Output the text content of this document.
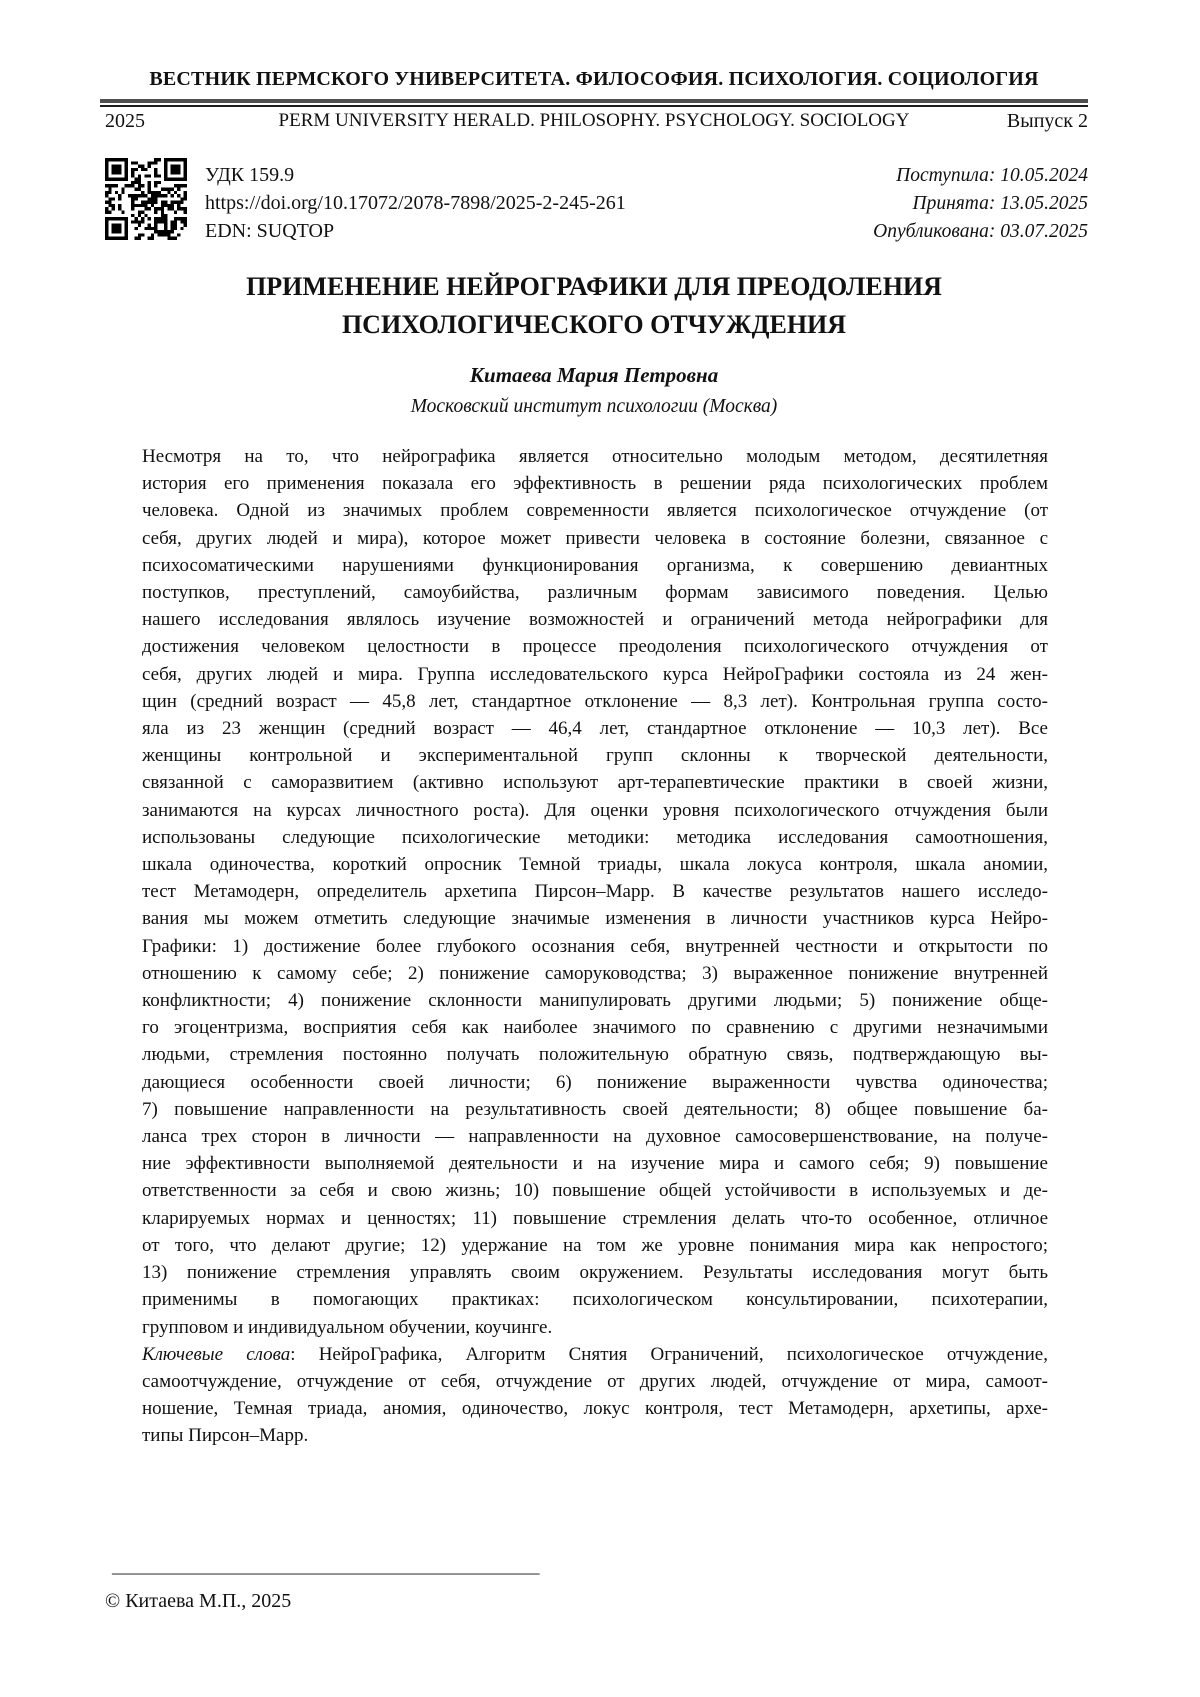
ВЕСТНИК ПЕРМСКОГО УНИВЕРСИТЕТА. ФИЛОСОФИЯ. ПСИХОЛОГИЯ. СОЦИОЛОГИЯ
2025	PERM UNIVERSITY HERALD. PHILOSOPHY. PSYCHOLOGY. SOCIOLOGY	Выпуск 2
УДК 159.9
https://doi.org/10.17072/2078-7898/2025-2-245-261
EDN: SUQTOP
Поступила: 10.05.2024
Принята: 13.05.2025
Опубликована: 03.07.2025
ПРИМЕНЕНИЕ НЕЙРОГРАФИКИ ДЛЯ ПРЕОДОЛЕНИЯ
ПСИХОЛОГИЧЕСКОГО ОТЧУЖДЕНИЯ
Китаева Мария Петровна
Московский институт психологии (Москва)
Несмотря на то, что нейрографика является относительно молодым методом, десятилетняя
история его применения показала его эффективность в решении ряда психологических проблем
человека. Одной из значимых проблем современности является психологическое отчуждение (от
себя, других людей и мира), которое может привести человека в состояние болезни, связанное с
психосоматическими нарушениями функционирования организма, к совершению девиантных
поступков, преступлений, самоубийства, различным формам зависимого поведения. Целью
нашего исследования являлось изучение возможностей и ограничений метода нейрографики для
достижения человеком целостности в процессе преодоления психологического отчуждения от
себя, других людей и мира. Группа исследовательского курса НейроГрафики состояла из 24 жен-
щин (средний возраст — 45,8 лет, стандартное отклонение — 8,3 лет). Контрольная группа состо-
яла из 23 женщин (средний возраст — 46,4 лет, стандартное отклонение — 10,3 лет). Все
женщины контрольной и экспериментальной групп склонны к творческой деятельности,
связанной с саморазвитием (активно используют арт-терапевтические практики в своей жизни,
занимаются на курсах личностного роста). Для оценки уровня психологического отчуждения были
использованы следующие психологические методики: методика исследования самоотношения,
шкала одиночества, короткий опросник Темной триады, шкала локуса контроля, шкала аномии,
тест Метамодерн, определитель архетипа Пирсон–Марр. В качестве результатов нашего исследо-
вания мы можем отметить следующие значимые изменения в личности участников курса Нейро-
Графики: 1) достижение более глубокого осознания себя, внутренней честности и открытости по
отношению к самому себе; 2) понижение саморуководства; 3) выраженное понижение внутренней
конфликтности; 4) понижение склонности манипулировать другими людьми; 5) понижение обще-
го эгоцентризма, восприятия себя как наиболее значимого по сравнению с другими незначимыми
людьми, стремления постоянно получать положительную обратную связь, подтверждающую вы-
дающиеся особенности своей личности; 6) понижение выраженности чувства одиночества;
7) повышение направленности на результативность своей деятельности; 8) общее повышение ба-
ланса трех сторон в личности — направленности на духовное самосовершенствование, на получе-
ние эффективности выполняемой деятельности и на изучение мира и самого себя; 9) повышение
ответственности за себя и свою жизнь; 10) повышение общей устойчивости в используемых и де-
кларируемых нормах и ценностях; 11) повышение стремления делать что-то особенное, отличное
от того, что делают другие; 12) удержание на том же уровне понимания мира как непростого;
13) понижение стремления управлять своим окружением. Результаты исследования могут быть
применимы в помогающих практиках: психологическом консультировании, психотерапии,
групповом и индивидуальном обучении, коучинге.
Ключевые слова: НейроГрафика, Алгоритм Снятия Ограничений, психологическое отчуждение,
самоотчуждение, отчуждение от себя, отчуждение от других людей, отчуждение от мира, самоот-
ношение, Темная триада, аномия, одиночество, локус контроля, тест Метамодерн, архетипы, архе-
типы Пирсон–Марр.
_____________________________________________
© Китаева М.П., 2025
